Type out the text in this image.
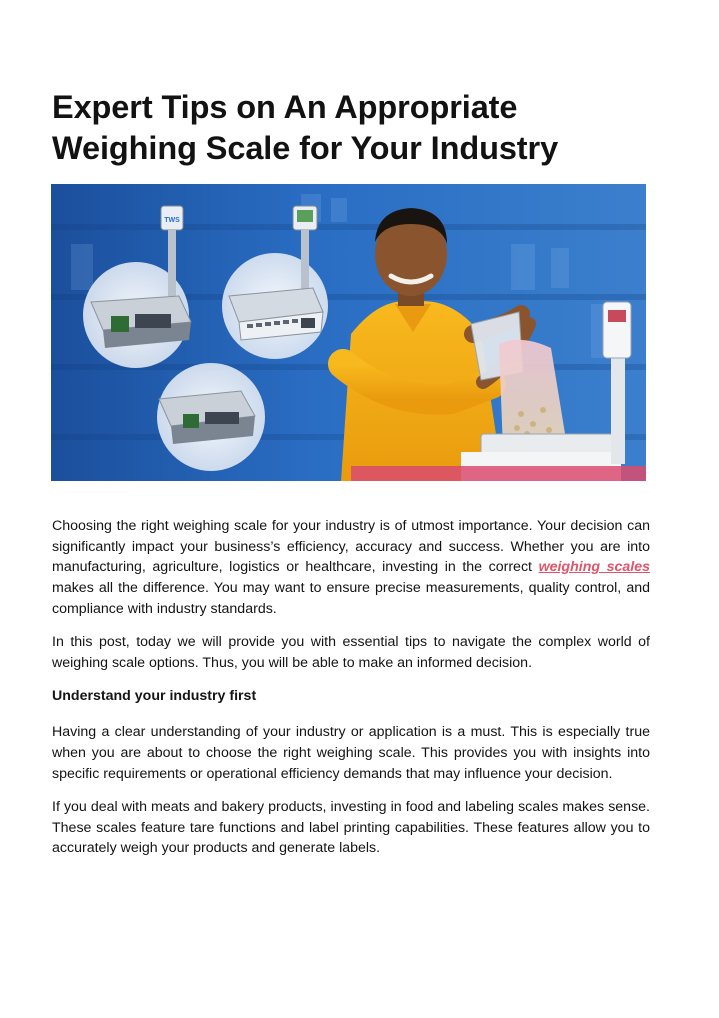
Expert Tips on An Appropriate
Weighing Scale for Your Industry
TWS

Choosing the right weighing scale for your industry is of utmost importance. Your decision can significantly impact your business’s efficiency, accuracy and success. Whether you are into manufacturing, agriculture, logistics or healthcare, investing in the correct weighing scales makes all the difference. You may want to ensure precise measurements, quality control, and compliance with industry standards.

In this post, today we will provide you with essential tips to navigate the complex world of weighing scale options. Thus, you will be able to make an informed decision.

Understand your industry first

Having a clear understanding of your industry or application is a must. This is especially true when you are about to choose the right weighing scale. This provides you with insights into specific requirements or operational efficiency demands that may influence your decision.

If you deal with meats and bakery products, investing in food and labeling scales makes sense. These scales feature tare functions and label printing capabilities. These features allow you to accurately weigh your products and generate labels.
